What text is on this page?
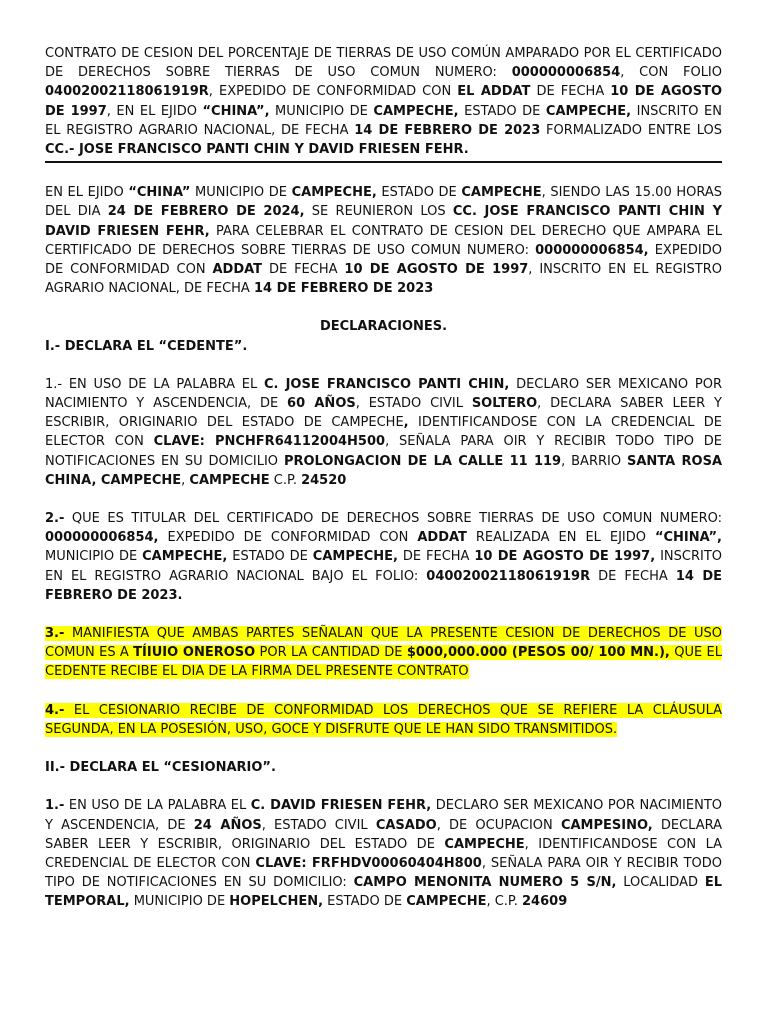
CONTRATO DE CESION DEL PORCENTAJE DE TIERRAS DE USO COMÚN AMPARADO POR EL CERTIFICADO DE DERECHOS SOBRE TIERRAS DE USO COMUN NUMERO: 000000006854, CON FOLIO 04002002118061919R, EXPEDIDO DE CONFORMIDAD CON EL ADDAT DE FECHA 10 DE AGOSTO DE 1997, EN EL EJIDO “CHINA”, MUNICIPIO DE CAMPECHE, ESTADO DE CAMPECHE, INSCRITO EN EL REGISTRO AGRARIO NACIONAL, DE FECHA 14 DE FEBRERO DE 2023 FORMALIZADO ENTRE LOS CC.- JOSE FRANCISCO PANTI CHIN Y DAVID FRIESEN FEHR.

EN EL EJIDO “CHINA” MUNICIPIO DE CAMPECHE, ESTADO DE CAMPECHE, SIENDO LAS 15.00 HORAS DEL DIA 24 DE FEBRERO DE 2024, SE REUNIERON LOS CC. JOSE FRANCISCO PANTI CHIN Y DAVID FRIESEN FEHR, PARA CELEBRAR EL CONTRATO DE CESION DEL DERECHO QUE AMPARA EL CERTIFICADO DE DERECHOS SOBRE TIERRAS DE USO COMUN NUMERO: 000000006854, EXPEDIDO DE CONFORMIDAD CON ADDAT DE FECHA 10 DE AGOSTO DE 1997, INSCRITO EN EL REGISTRO AGRARIO NACIONAL, DE FECHA 14 DE FEBRERO DE 2023

DECLARACIONES.

I.- DECLARA EL “CEDENTE”.

1.- EN USO DE LA PALABRA EL C. JOSE FRANCISCO PANTI CHIN, DECLARO SER MEXICANO POR NACIMIENTO Y ASCENDENCIA, DE 60 AÑOS, ESTADO CIVIL SOLTERO, DECLARA SABER LEER Y ESCRIBIR, ORIGINARIO DEL ESTADO DE CAMPECHE, IDENTIFICANDOSE CON LA CREDENCIAL DE ELECTOR CON CLAVE: PNCHFR64112004H500, SEÑALA PARA OIR Y RECIBIR TODO TIPO DE NOTIFICACIONES EN SU DOMICILIO PROLONGACION DE LA CALLE 11 119, BARRIO SANTA ROSA CHINA, CAMPECHE, CAMPECHE C.P. 24520

2.- QUE ES TITULAR DEL CERTIFICADO DE DERECHOS SOBRE TIERRAS DE USO COMUN NUMERO: 000000006854, EXPEDIDO DE CONFORMIDAD CON ADDAT REALIZADA EN EL EJIDO “CHINA”, MUNICIPIO DE CAMPECHE, ESTADO DE CAMPECHE, DE FECHA 10 DE AGOSTO DE 1997, INSCRITO EN EL REGISTRO AGRARIO NACIONAL BAJO EL FOLIO: 04002002118061919R DE FECHA 14 DE FEBRERO DE 2023.

3.- MANIFIESTA QUE AMBAS PARTES SEÑALAN QUE LA PRESENTE CESION DE DERECHOS DE USO COMUN ES A TÍIUIO ONEROSO POR LA CANTIDAD DE $000,000.000 (PESOS 00/ 100 MN.), QUE EL CEDENTE RECIBE EL DIA DE LA FIRMA DEL PRESENTE CONTRATO

4.- EL CESIONARIO RECIBE DE CONFORMIDAD LOS DERECHOS QUE SE REFIERE LA CLÁUSULA SEGUNDA, EN LA POSESIÓN, USO, GOCE Y DISFRUTE QUE LE HAN SIDO TRANSMITIDOS.

II.- DECLARA EL “CESIONARIO”.

1.- EN USO DE LA PALABRA EL C. DAVID FRIESEN FEHR, DECLARO SER MEXICANO POR NACIMIENTO Y ASCENDENCIA, DE 24 AÑOS, ESTADO CIVIL CASADO, DE OCUPACION CAMPESINO, DECLARA SABER LEER Y ESCRIBIR, ORIGINARIO DEL ESTADO DE CAMPECHE, IDENTIFICANDOSE CON LA CREDENCIAL DE ELECTOR CON CLAVE: FRFHDV00060404H800, SEÑALA PARA OIR Y RECIBIR TODO TIPO DE NOTIFICACIONES EN SU DOMICILIO: CAMPO MENONITA NUMERO 5 S/N, LOCALIDAD EL TEMPORAL, MUNICIPIO DE HOPELCHEN, ESTADO DE CAMPECHE, C.P. 24609
